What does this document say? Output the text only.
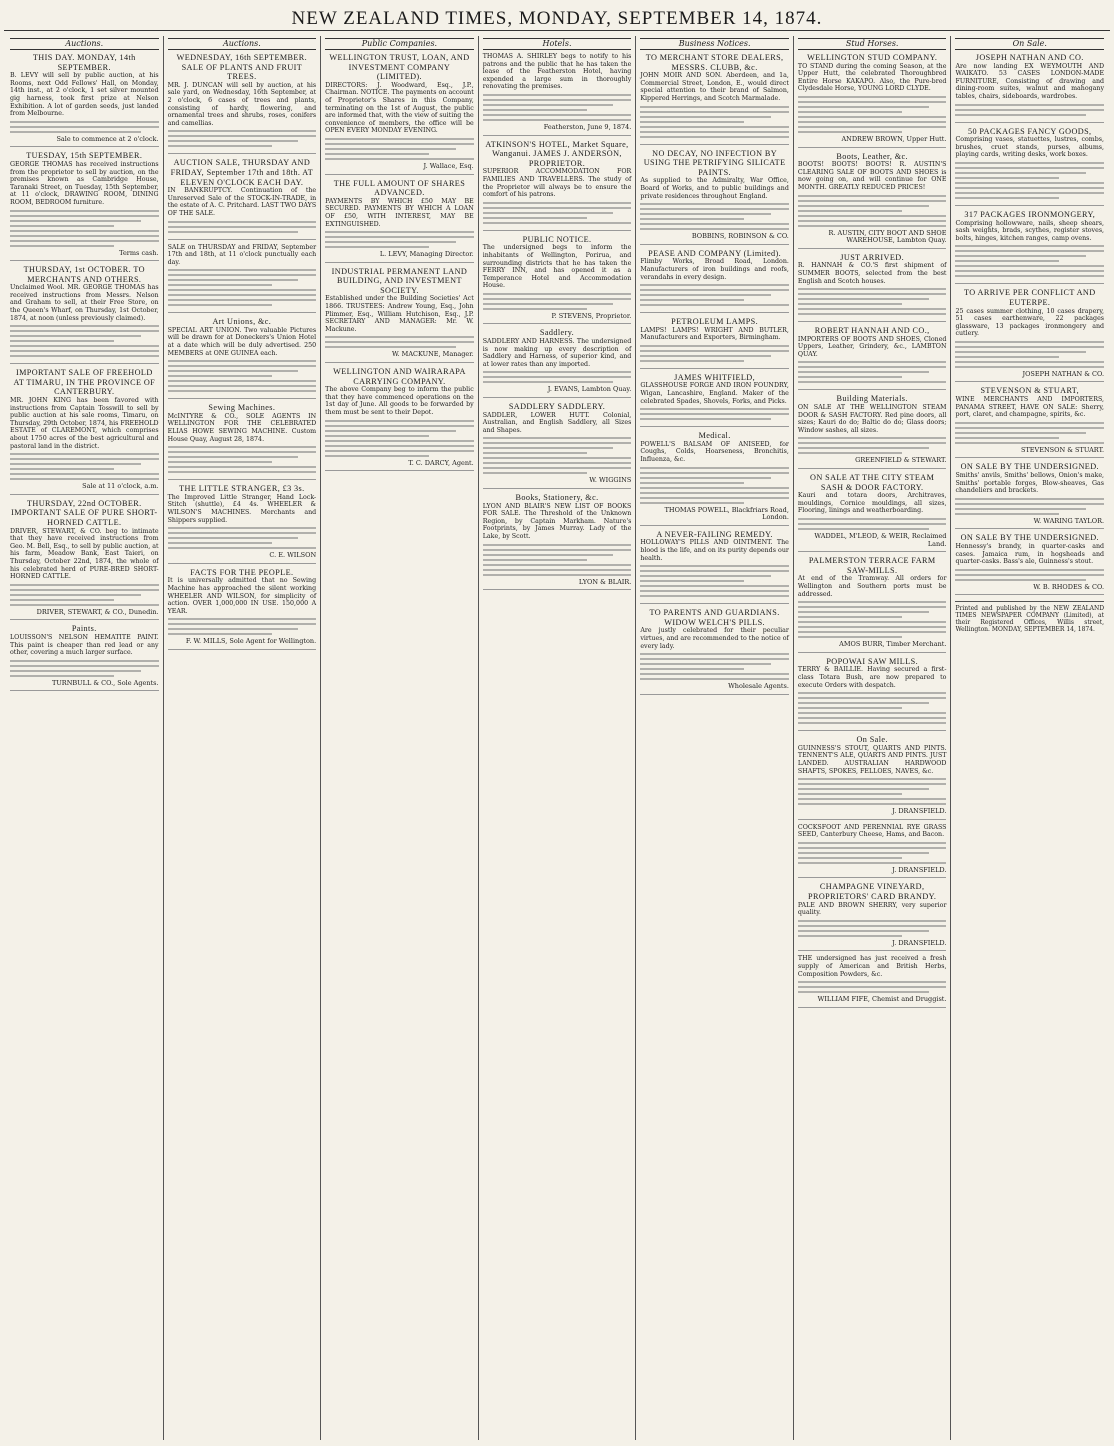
NEW ZEALAND TIMES, MONDAY, SEPTEMBER 14, 1874.
Auctions.
THIS DAY. MONDAY, 14th SEPTEMBER.
B. LEVY will sell by public auction, at his Rooms, next Odd Fellows' Hall, on Monday, 14th inst., at 2 o'clock, 1 set silver mounted gig harness, took first prize at Nelson Exhibition. A lot of garden seeds, just landed from Melbourne.
Sale to commence at 2 o'clock.
TUESDAY, 15th SEPTEMBER.
GEORGE THOMAS has received instructions from the proprietor to sell by auction, on the premises known as Cambridge House, Taranaki Street, on Tuesday, 15th September, at 11 o'clock, DRAWING ROOM, DINING ROOM, BEDROOM furniture.
Terms cash.
THURSDAY, 1st OCTOBER. TO MERCHANTS AND OTHERS.
Unclaimed Wool. MR. GEORGE THOMAS has received instructions from Messrs. Nelson and Graham to sell, at their Free Store, on the Queen's Wharf, on Thursday, 1st October, 1874, at noon (unless previously claimed).
IMPORTANT SALE OF FREEHOLD AT TIMARU, IN THE PROVINCE OF CANTERBURY.
MR. JOHN KING has been favored with instructions from Captain Tosswill to sell by public auction at his sale rooms, Timaru, on Thursday, 29th October, 1874, his FREEHOLD ESTATE of CLAREMONT, which comprises about 1750 acres of the best agricultural and pastoral land in the district.
Sale at 11 o'clock, a.m.
THURSDAY, 22nd OCTOBER. IMPORTANT SALE OF PURE SHORT-HORNED CATTLE.
DRIVER, STEWART, & CO. beg to intimate that they have received instructions from Geo. M. Bell, Esq., to sell by public auction, at his farm, Meadow Bank, East Taieri, on Thursday, October 22nd, 1874, the whole of his celebrated herd of PURE-BRED SHORT-HORNED CATTLE.
DRIVER, STEWART, & CO., Dunedin.
Paints.
LOUISSON'S NELSON HEMATITE PAINT. This paint is cheaper than red lead or any other, covering a much larger surface.
TURNBULL & CO., Sole Agents.
Auctions.
WEDNESDAY, 16th SEPTEMBER. SALE OF PLANTS AND FRUIT TREES.
MR. J. DUNCAN will sell by auction, at his sale yard, on Wednesday, 16th September, at 2 o'clock, 6 cases of trees and plants, consisting of hardy, flowering, and ornamental trees and shrubs, roses, conifers and camellias.
AUCTION SALE, THURSDAY AND FRIDAY, September 17th and 18th. AT ELEVEN O'CLOCK EACH DAY.
IN BANKRUPTCY. Continuation of the Unreserved Sale of the STOCK-IN-TRADE, in the estate of A. C. Pritchard. LAST TWO DAYS OF THE SALE.
SALE on THURSDAY and FRIDAY, September 17th and 18th, at 11 o'clock punctually each day.
Art Unions, &c.
SPECIAL ART UNION. Two valuable Pictures will be drawn for at Doneckers's Union Hotel at a date which will be duly advertised. 250 MEMBERS at ONE GUINEA each.
Sewing Machines.
McINTYRE & CO., SOLE AGENTS IN WELLINGTON FOR THE CELEBRATED ELIAS HOWE SEWING MACHINE. Custom House Quay, August 28, 1874.
THE LITTLE STRANGER, £3 3s.
The Improved Little Stranger, Hand Lock-Stitch (shuttle), £4 4s. WHEELER & WILSON'S MACHINES. Merchants and Shippers supplied.
C. E. WILSON
FACTS FOR THE PEOPLE.
It is universally admitted that no Sewing Machine has approached the silent working WHEELER AND WILSON, for simplicity of action. OVER 1,000,000 IN USE. 150,000 A YEAR.
F. W. MILLS, Sole Agent for Wellington.
Public Companies.
WELLINGTON TRUST, LOAN, AND INVESTMENT COMPANY (LIMITED).
DIRECTORS: J. Woodward, Esq., J.P., Chairman. NOTICE. The payments on account of Proprietor's Shares in this Company, terminating on the 1st of August, the public are informed that, with the view of suiting the convenience of members, the office will be OPEN EVERY MONDAY EVENING.
J. Wallace, Esq.
THE FULL AMOUNT OF SHARES ADVANCED.
PAYMENTS BY WHICH £50 MAY BE SECURED. PAYMENTS BY WHICH A LOAN OF £50, WITH INTEREST, MAY BE EXTINGUISHED.
L. LEVY, Managing Director.
INDUSTRIAL PERMANENT LAND BUILDING, AND INVESTMENT SOCIETY.
Established under the Building Societies' Act 1866. TRUSTEES: Andrew Young, Esq., John Plimmer, Esq., William Hutchison, Esq., J.P. SECRETARY AND MANAGER: Mr. W. Mackune.
W. MACKUNE, Manager.
WELLINGTON AND WAIRARAPA CARRYING COMPANY.
The above Company beg to inform the public that they have commenced operations on the 1st day of June. All goods to be forwarded by them must be sent to their Depot.
T. C. DARCY, Agent.
Hotels.
THOMAS A. SHIRLEY begs to notify to his patrons and the public that he has taken the lease of the Featherston Hotel, having expended a large sum in thoroughly renovating the premises.
Featherston, June 9, 1874.
ATKINSON'S HOTEL, Market Square, Wanganui. JAMES J. ANDERSON, PROPRIETOR.
SUPERIOR ACCOMMODATION FOR FAMILIES AND TRAVELLERS. The study of the Proprietor will always be to ensure the comfort of his patrons.
PUBLIC NOTICE.
The undersigned begs to inform the inhabitants of Wellington, Porirua, and surrounding districts that he has taken the FERRY INN, and has opened it as a Temperance Hotel and Accommodation House.
P. STEVENS, Proprietor.
Saddlery.
SADDLERY AND HARNESS. The undersigned is now making up every description of Saddlery and Harness, of superior kind, and at lower rates than any imported.
J. EVANS, Lambton Quay.
SADDLERY SADDLERY.
SADDLER, LOWER HUTT. Colonial, Australian, and English Saddlery, all Sizes and Shapes.
W. WIGGINS
Books, Stationery, &c.
LYON AND BLAIR'S NEW LIST OF BOOKS FOR SALE. The Threshold of the Unknown Region, by Captain Markham. Nature's Footprints, by James Murray. Lady of the Lake, by Scott.
LYON & BLAIR.
Business Notices.
TO MERCHANT STORE DEALERS, MESSRS. CLUBB, &c.
JOHN MOIR AND SON. Aberdeen, and 1a, Commercial Street, London, E., would direct special attention to their brand of Salmon, Kippered Herrings, and Scotch Marmalade.
NO DECAY, NO INFECTION BY USING THE PETRIFYING SILICATE PAINTS.
As supplied to the Admiralty, War Office, Board of Works, and to public buildings and private residences throughout England.
BOBBINS, ROBINSON & CO.
PEASE AND COMPANY (Limited).
Flimby Works, Broad Road, London. Manufacturers of iron buildings and roofs, verandahs in every design.
PETROLEUM LAMPS.
LAMPS! LAMPS! WRIGHT AND BUTLER, Manufacturers and Exporters, Birmingham.
JAMES WHITFIELD,
GLASSHOUSE FORGE AND IRON FOUNDRY, Wigan, Lancashire, England. Maker of the celebrated Spades, Shovels, Forks, and Picks.
Medical.
POWELL'S BALSAM OF ANISEED, for Coughs, Colds, Hoarseness, Bronchitis, Influenza, &c.
THOMAS POWELL, Blackfriars Road, London.
A NEVER-FAILING REMEDY.
HOLLOWAY'S PILLS AND OINTMENT. The blood is the life, and on its purity depends our health.
TO PARENTS AND GUARDIANS. WIDOW WELCH'S PILLS.
Are justly celebrated for their peculiar virtues, and are recommended to the notice of every lady.
Wholesale Agents.
Stud Horses.
WELLINGTON STUD COMPANY.
TO STAND during the coming Season, at the Upper Hutt, the celebrated Thoroughbred Entire Horse KAKAPO. Also, the Pure-bred Clydesdale Horse, YOUNG LORD CLYDE.
ANDREW BROWN, Upper Hutt.
Boots, Leather, &c.
BOOTS! BOOTS! BOOTS! R. AUSTIN'S CLEARING SALE OF BOOTS AND SHOES is now going on, and will continue for ONE MONTH. GREATLY REDUCED PRICES!
R. AUSTIN, CITY BOOT AND SHOE WAREHOUSE, Lambton Quay.
JUST ARRIVED.
R. HANNAH & CO.'S first shipment of SUMMER BOOTS, selected from the best English and Scotch houses.
ROBERT HANNAH AND CO.,
IMPORTERS OF BOOTS AND SHOES, Cloned Uppers, Leather, Grindery, &c., LAMBTON QUAY.
Building Materials.
ON SALE AT THE WELLINGTON STEAM DOOR & SASH FACTORY. Red pine doors, all sizes; Kauri do do; Baltic do do; Glass doors; Window sashes, all sizes.
GREENFIELD & STEWART.
ON SALE AT THE CITY STEAM SASH & DOOR FACTORY.
Kauri and totara doors, Architraves, mouldings, Cornice mouldings, all sizes, Flooring, linings and weatherboarding.
WADDEL, M'LEOD, & WEIR, Reclaimed Land.
PALMERSTON TERRACE FARM SAW-MILLS.
At end of the Tramway. All orders for Wellington and Southern ports must be addressed.
AMOS BURR, Timber Merchant.
POPOWAI SAW MILLS.
TERRY & BAILLIE. Having secured a first-class Totara Bush, are now prepared to execute Orders with despatch.
On Sale.
GUINNESS'S STOUT, QUARTS AND PINTS. TENNENT'S ALE, QUARTS AND PINTS. JUST LANDED. AUSTRALIAN HARDWOOD SHAFTS, SPOKES, FELLOES, NAVES, &c.
J. DRANSFIELD.
COCKSFOOT AND PERENNIAL RYE GRASS SEED, Canterbury Cheese, Hams, and Bacon.
J. DRANSFIELD.
CHAMPAGNE VINEYARD, PROPRIETORS' CARD BRANDY.
PALE AND BROWN SHERRY, very superior quality.
J. DRANSFIELD.
THE undersigned has just received a fresh supply of American and British Herbs, Composition Powders, &c.
WILLIAM FIFE, Chemist and Druggist.
On Sale.
JOSEPH NATHAN AND CO.
Are now landing EX WEYMOUTH AND WAIKATO. 53 CASES LONDON-MADE FURNITURE, Consisting of drawing and dining-room suites, walnut and mahogany tables, chairs, sideboards, wardrobes.
50 PACKAGES FANCY GOODS,
Comprising vases, statuettes, lustres, combs, brushes, cruet stands, purses, albums, playing cards, writing desks, work boxes.
317 PACKAGES IRONMONGERY,
Comprising hollowware, nails, sheep shears, sash weights, brads, scythes, register stoves, bolts, hinges, kitchen ranges, camp ovens.
TO ARRIVE PER CONFLICT AND EUTERPE.
25 cases summer clothing, 10 cases drapery, 51 cases earthenware, 22 packages glassware, 13 packages ironmongery and cutlery.
JOSEPH NATHAN & CO.
STEVENSON & STUART,
WINE MERCHANTS AND IMPORTERS, PANAMA STREET, HAVE ON SALE: Sherry, port, claret, and champagne, spirits, &c.
STEVENSON & STUART.
ON SALE BY THE UNDERSIGNED.
Smiths' anvils, Smiths' bellows, Onion's make, Smiths' portable forges, Blow-sheaves, Gas chandeliers and brackets.
W. WARING TAYLOR.
ON SALE BY THE UNDERSIGNED.
Hennessy's brandy, in quarter-casks and cases. Jamaica rum, in hogsheads and quarter-casks. Bass's ale, Guinness's stout.
W. B. RHODES & CO.
Printed and published by the NEW ZEALAND TIMES NEWSPAPER COMPANY (Limited), at their Registered Offices, Willis street, Wellington. MONDAY, SEPTEMBER 14, 1874.
